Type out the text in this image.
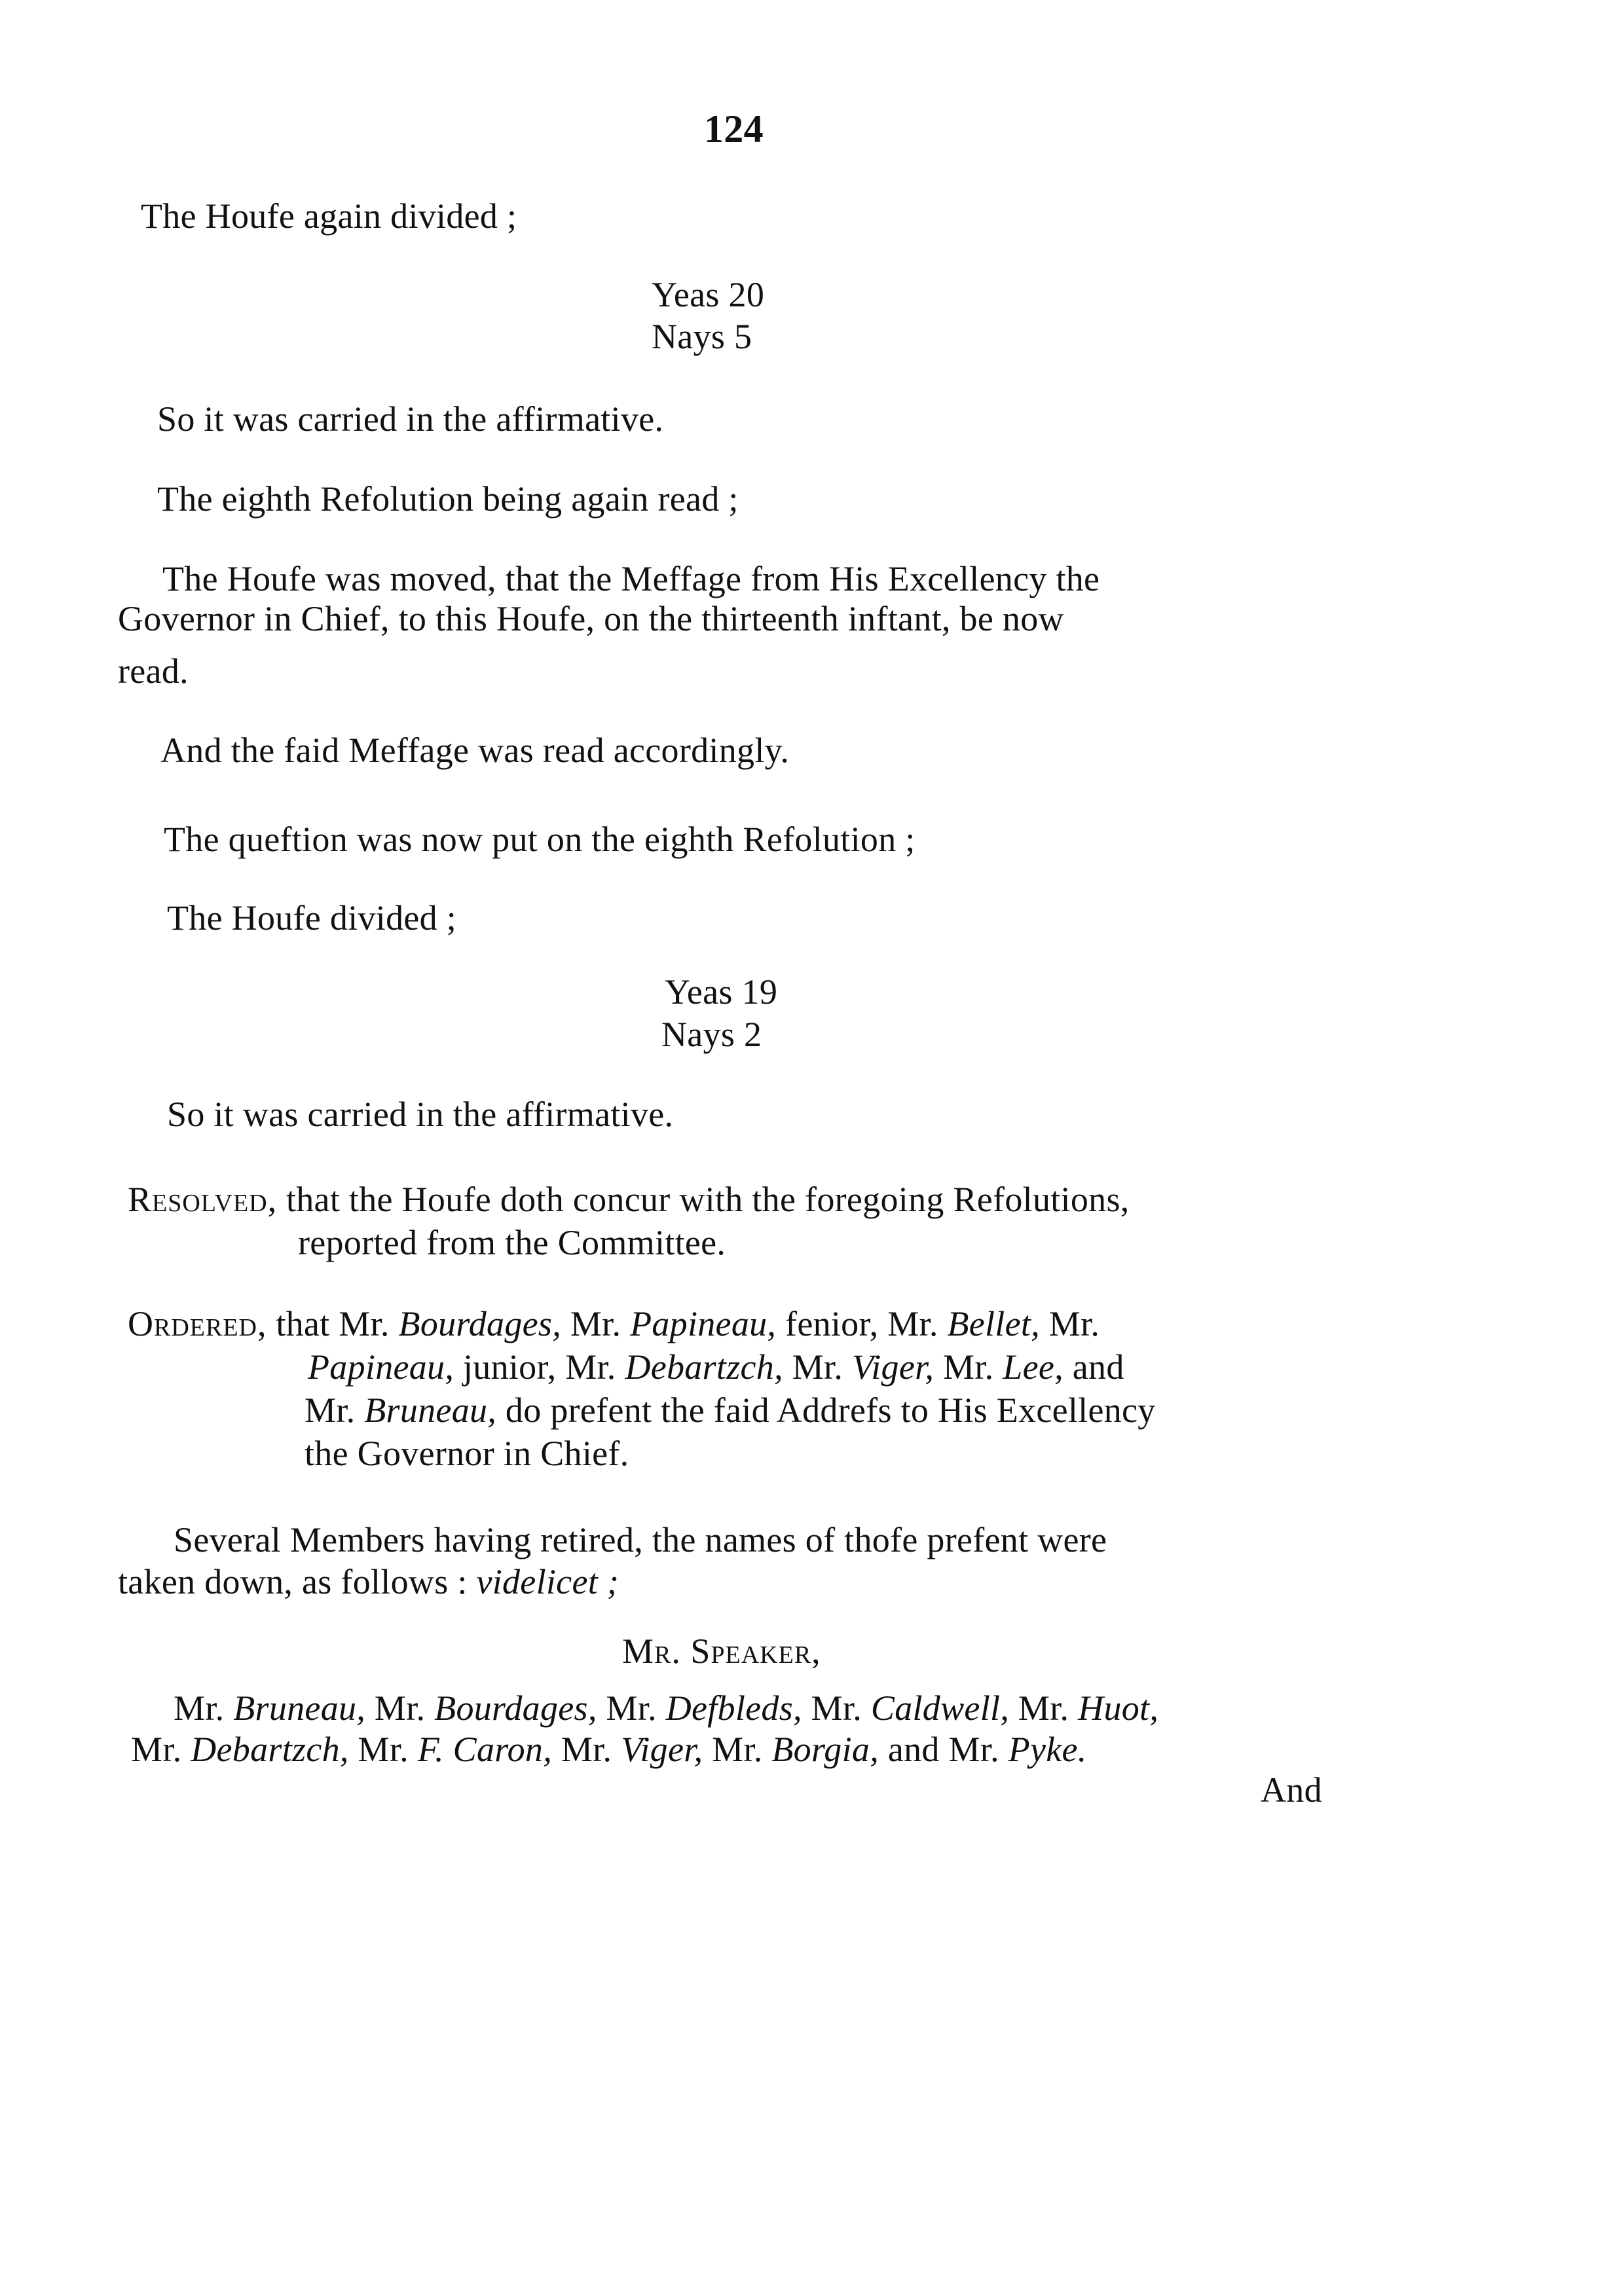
124
The Houfe again divided ;
Yeas 20
Nays 5
So it was carried in the affirmative.
The eighth Refolution being again read ;
The Houfe was moved, that the Meffage from His Excellency the
Governor in Chief, to this Houfe, on the thirteenth inftant, be now
read.
And the faid Meffage was read accordingly.
The queftion was now put on the eighth Refolution ;
The Houfe divided ;
Yeas 19
Nays 2
So it was carried in the affirmative.
Resolved, that the Houfe doth concur with the foregoing Refolutions,
reported from the Committee.
Ordered, that Mr. Bourdages, Mr. Papineau, fenior, Mr. Bellet, Mr.
Papineau, junior, Mr. Debartzch, Mr. Viger, Mr. Lee, and
Mr. Bruneau, do prefent the faid Addrefs to His Excellency
the Governor in Chief.
Several Members having retired, the names of thofe prefent were
taken down, as follows : videlicet ;
Mr. Speaker,
Mr. Bruneau, Mr. Bourdages, Mr. Defbleds, Mr. Caldwell, Mr. Huot,
Mr. Debartzch, Mr. F. Caron, Mr. Viger, Mr. Borgia, and Mr. Pyke.
And
